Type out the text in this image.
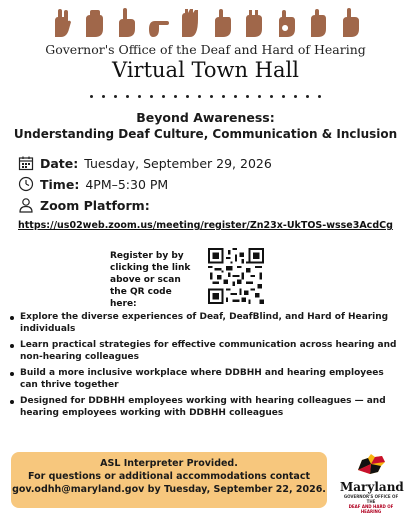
Governor's Office of the Deaf and Hard of Hearing
Virtual Town Hall
Beyond Awareness:
Understanding Deaf Culture, Communication & Inclusion
Date: Tuesday, September 29, 2026
Time: 4PM–5:30 PM
Zoom Platform:
https://us02web.zoom.us/meeting/register/Zn23x-UkTOS-wsse3AcdCg
Register by by clicking the link above or scan the QR code here:
Explore the diverse experiences of Deaf, DeafBlind, and Hard of Hearing individuals
Learn practical strategies for effective communication across hearing and non-hearing colleagues
Build a more inclusive workplace where DDBHH and hearing employees can thrive together
Designed for DDBHH employees working with hearing colleagues — and hearing employees working with DDBHH colleagues
ASL Interpreter Provided.
For questions or additional accommodations contact
gov.odhh@maryland.gov by Tuesday, September 22, 2026. Maryland
GOVERNOR'S OFFICE OF THE
DEAF AND HARD OF HEARING
